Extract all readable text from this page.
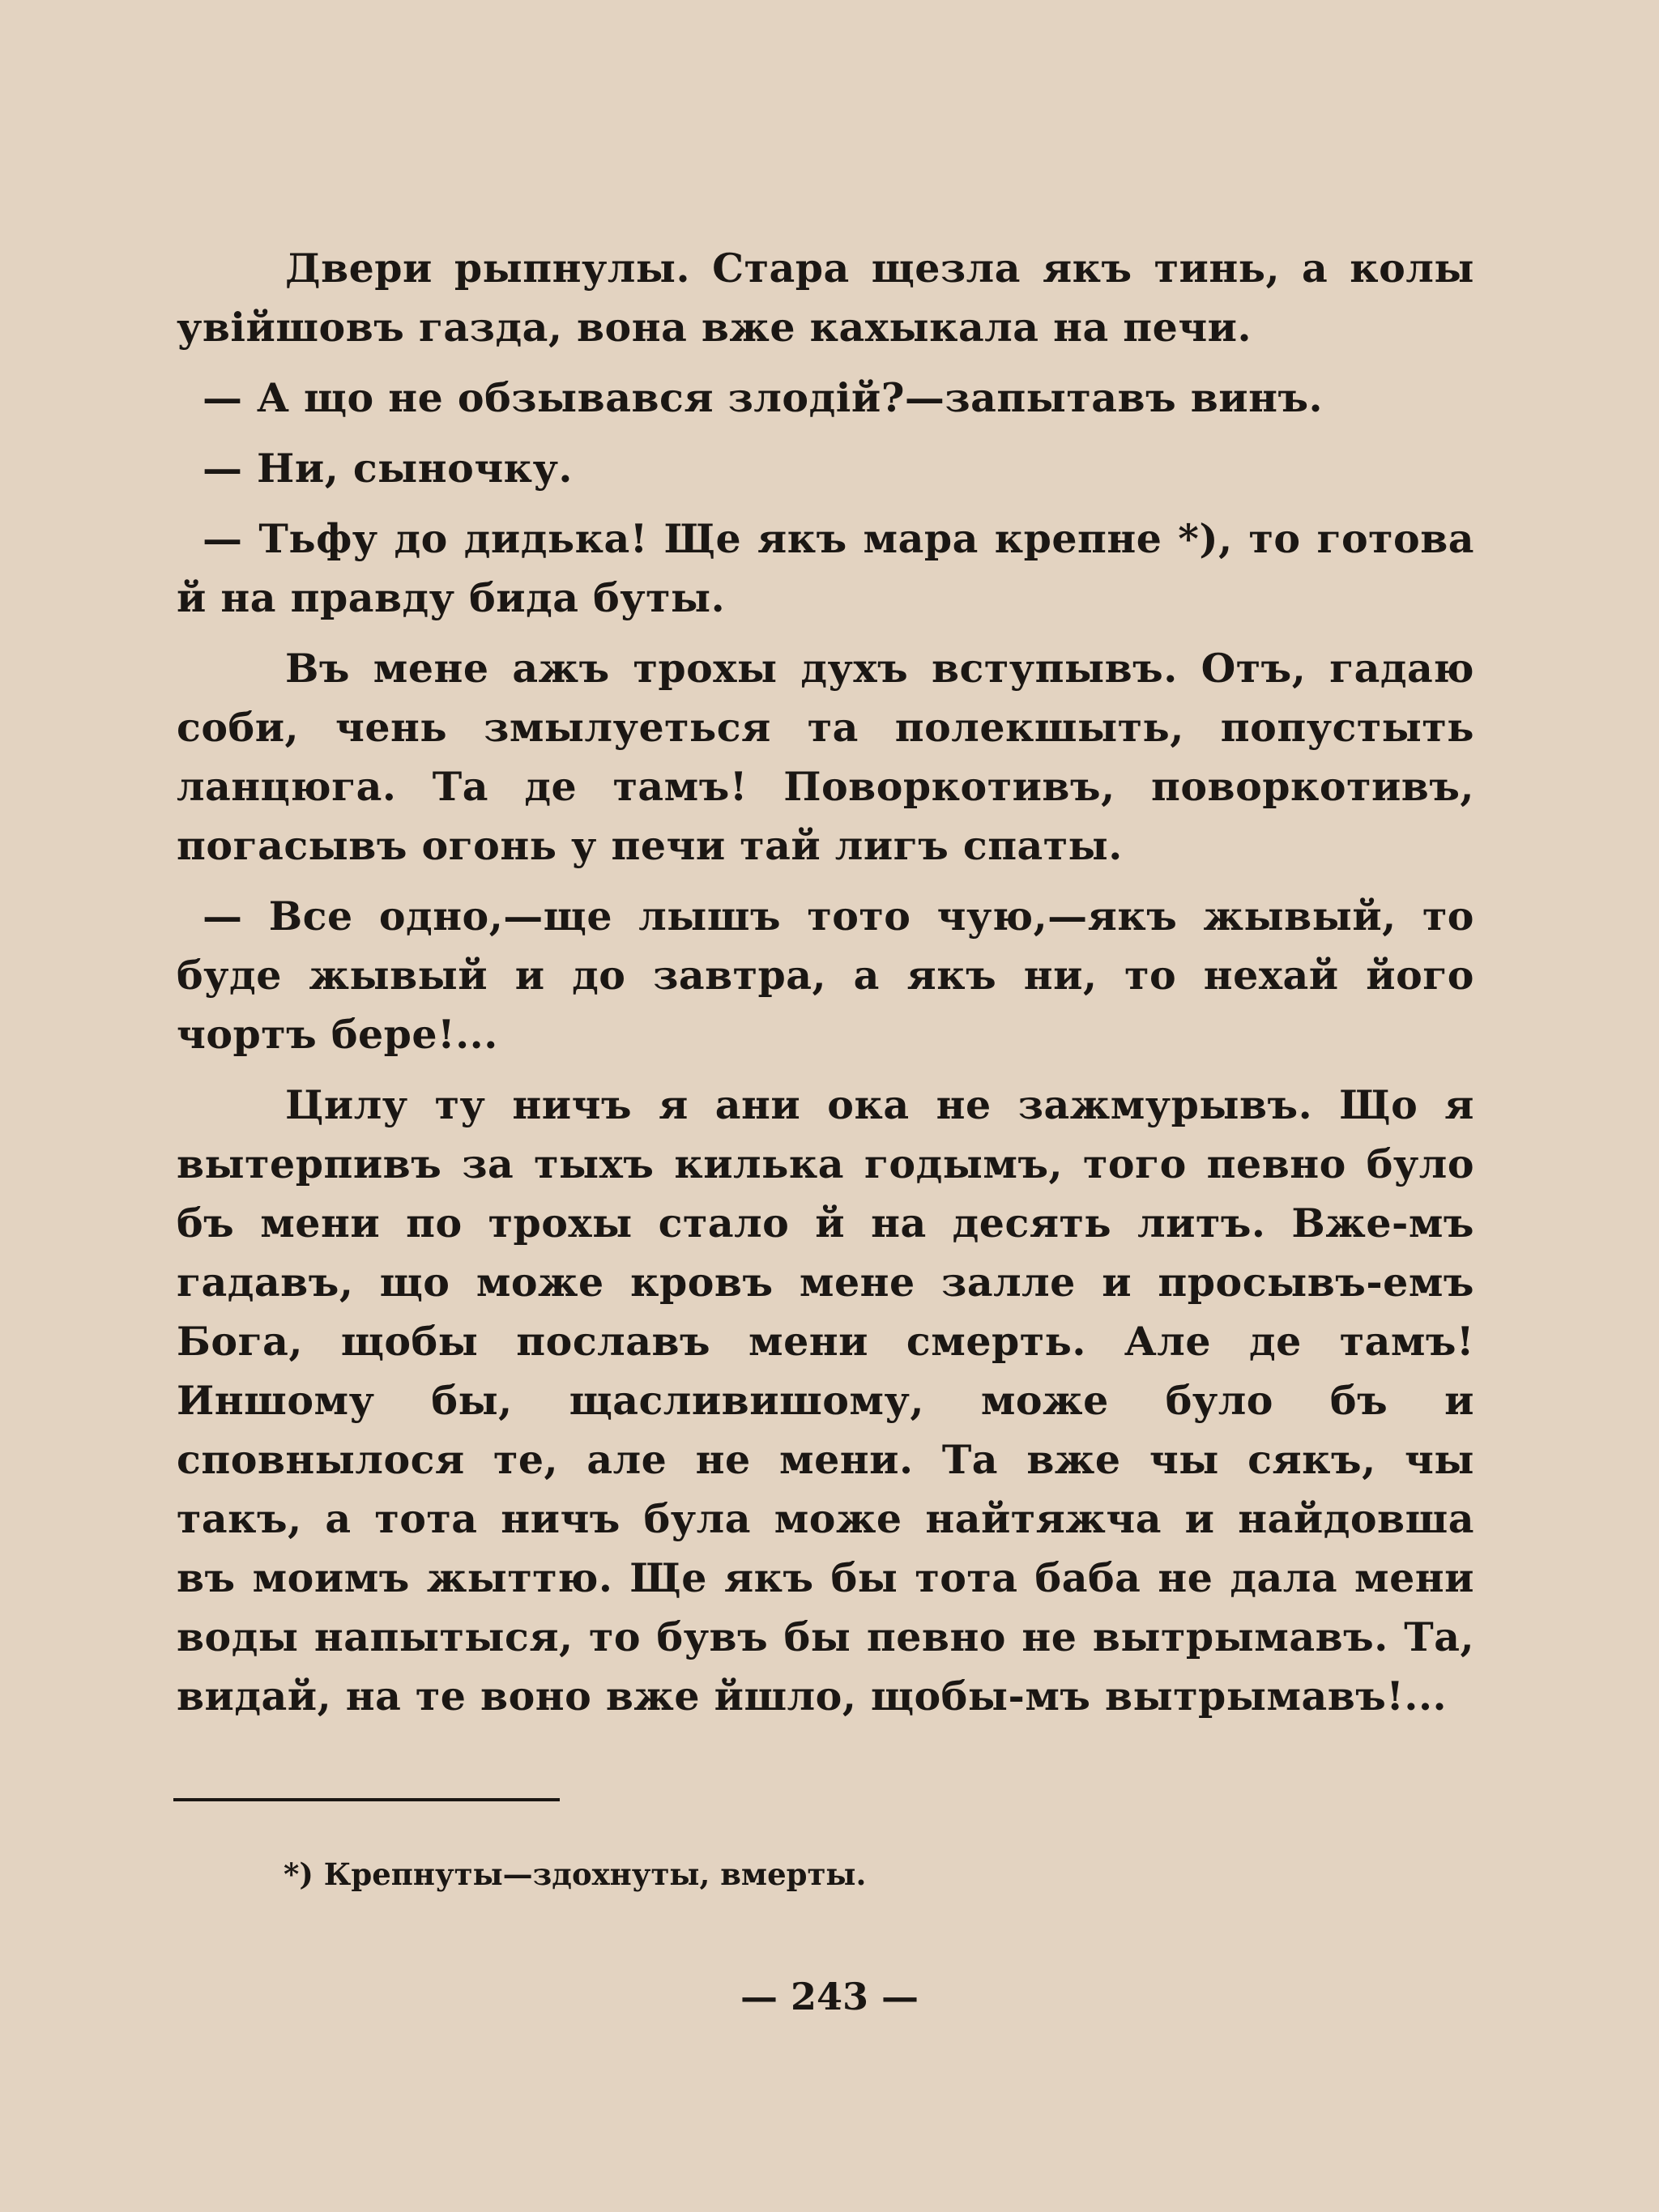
Двери рыпнулы. Стара щезла якъ тинь, а колы увійшовъ газда, вона вже кахыкала на печи.

— А що не обзывався злодій?—запытавъ винъ.

— Ни, сыночку.

— Тьфу до дидька! Ще якъ мара крепне *), то готова й на правду бида буты.

Въ мене ажъ трохы духъ вступывъ. Отъ, гадаю соби, чень змылуеться та полекшыть, попустыть ланцюга. Та де тамъ! Поворкотивъ, поворкотивъ, погасывъ огонь у печи тай лигъ спаты.

— Все одно,—ще лышъ тото чую,—якъ жывый, то буде жывый и до завтра, а якъ ни, то нехай його чортъ бере!...

Цилу ту ничъ я ани ока не зажмурывъ. Що я вытерпивъ за тыхъ килька годымъ, того певно було бъ мени по трохы стало й на десять литъ. Вже-мъ гадавъ, що може кровъ мене залле и просывъ-емъ Бога, щобы пославъ мени смерть. Але де тамъ! Иншому бы, щасливишому, може було бъ и сповнылося те, але не мени. Та вже чы сякъ, чы такъ, а тота ничъ була може найтяжча и найдовша въ моимъ жыттю. Ще якъ бы тота баба не дала мени воды напытыся, то бувъ бы певно не вытрымавъ. Та, видай, на те воно вже йшло, щобы-мъ вытрымавъ!...

*) Крепнуты—здохнуты, вмерты.
— 243 —
